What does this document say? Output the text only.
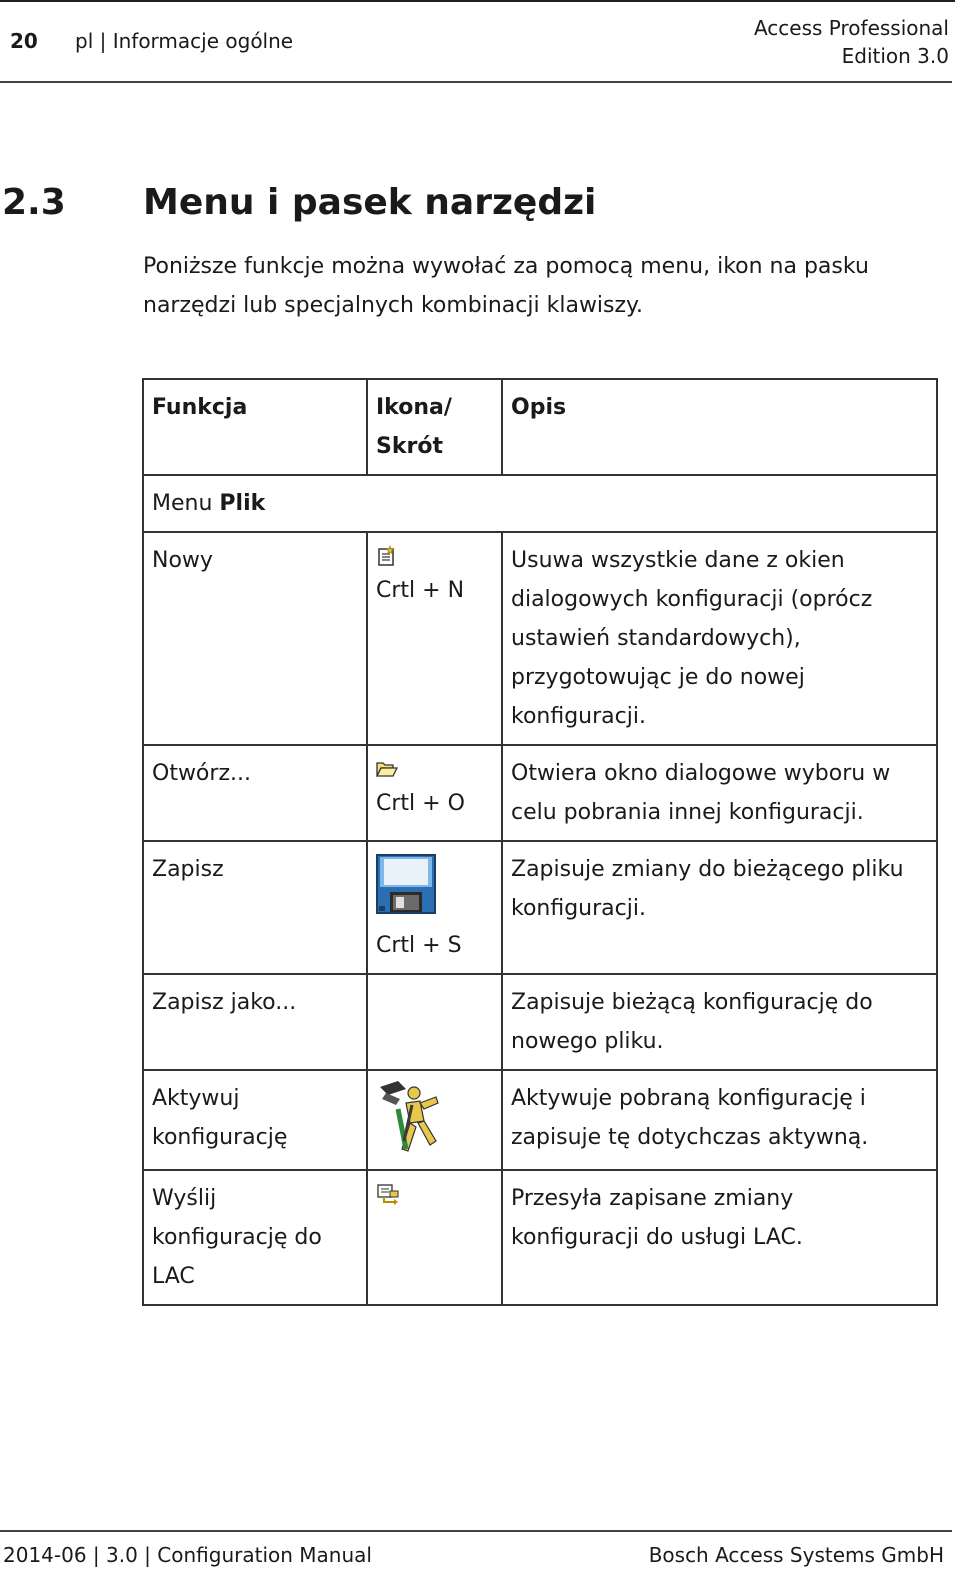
20 pl | Informacje ogólne
Access Professional
Edition 3.0
2.3 Menu i pasek narzędzi
Poniższe funkcje można wywołać za pomocą menu, ikon na pasku narzędzi lub specjalnych kombinacji klawiszy.
Funkcja	Ikona/ Skrót	Opis
Menu Plik		
Nowy	Crtl + N	Usuwa wszystkie dane z okien dialogowych konfiguracji (oprócz ustawień standardowych), przygotowując je do nowej konfiguracji.
Otwórz...	Crtl + O	Otwiera okno dialogowe wyboru w celu pobrania innej konfiguracji.
Zapisz	Crtl + S	Zapisuje zmiany do bieżącego pliku konfiguracji.
Zapisz jako...		Zapisuje bieżącą konfigurację do nowego pliku.
Aktywuj konfigurację		Aktywuje pobraną konfigurację i zapisuje tę dotychczas aktywną.
Wyślij konfigurację do LAC		Przesyła zapisane zmiany konfiguracji do usługi LAC.
2014-06 | 3.0 | Configuration Manual	Bosch Access Systems GmbH
